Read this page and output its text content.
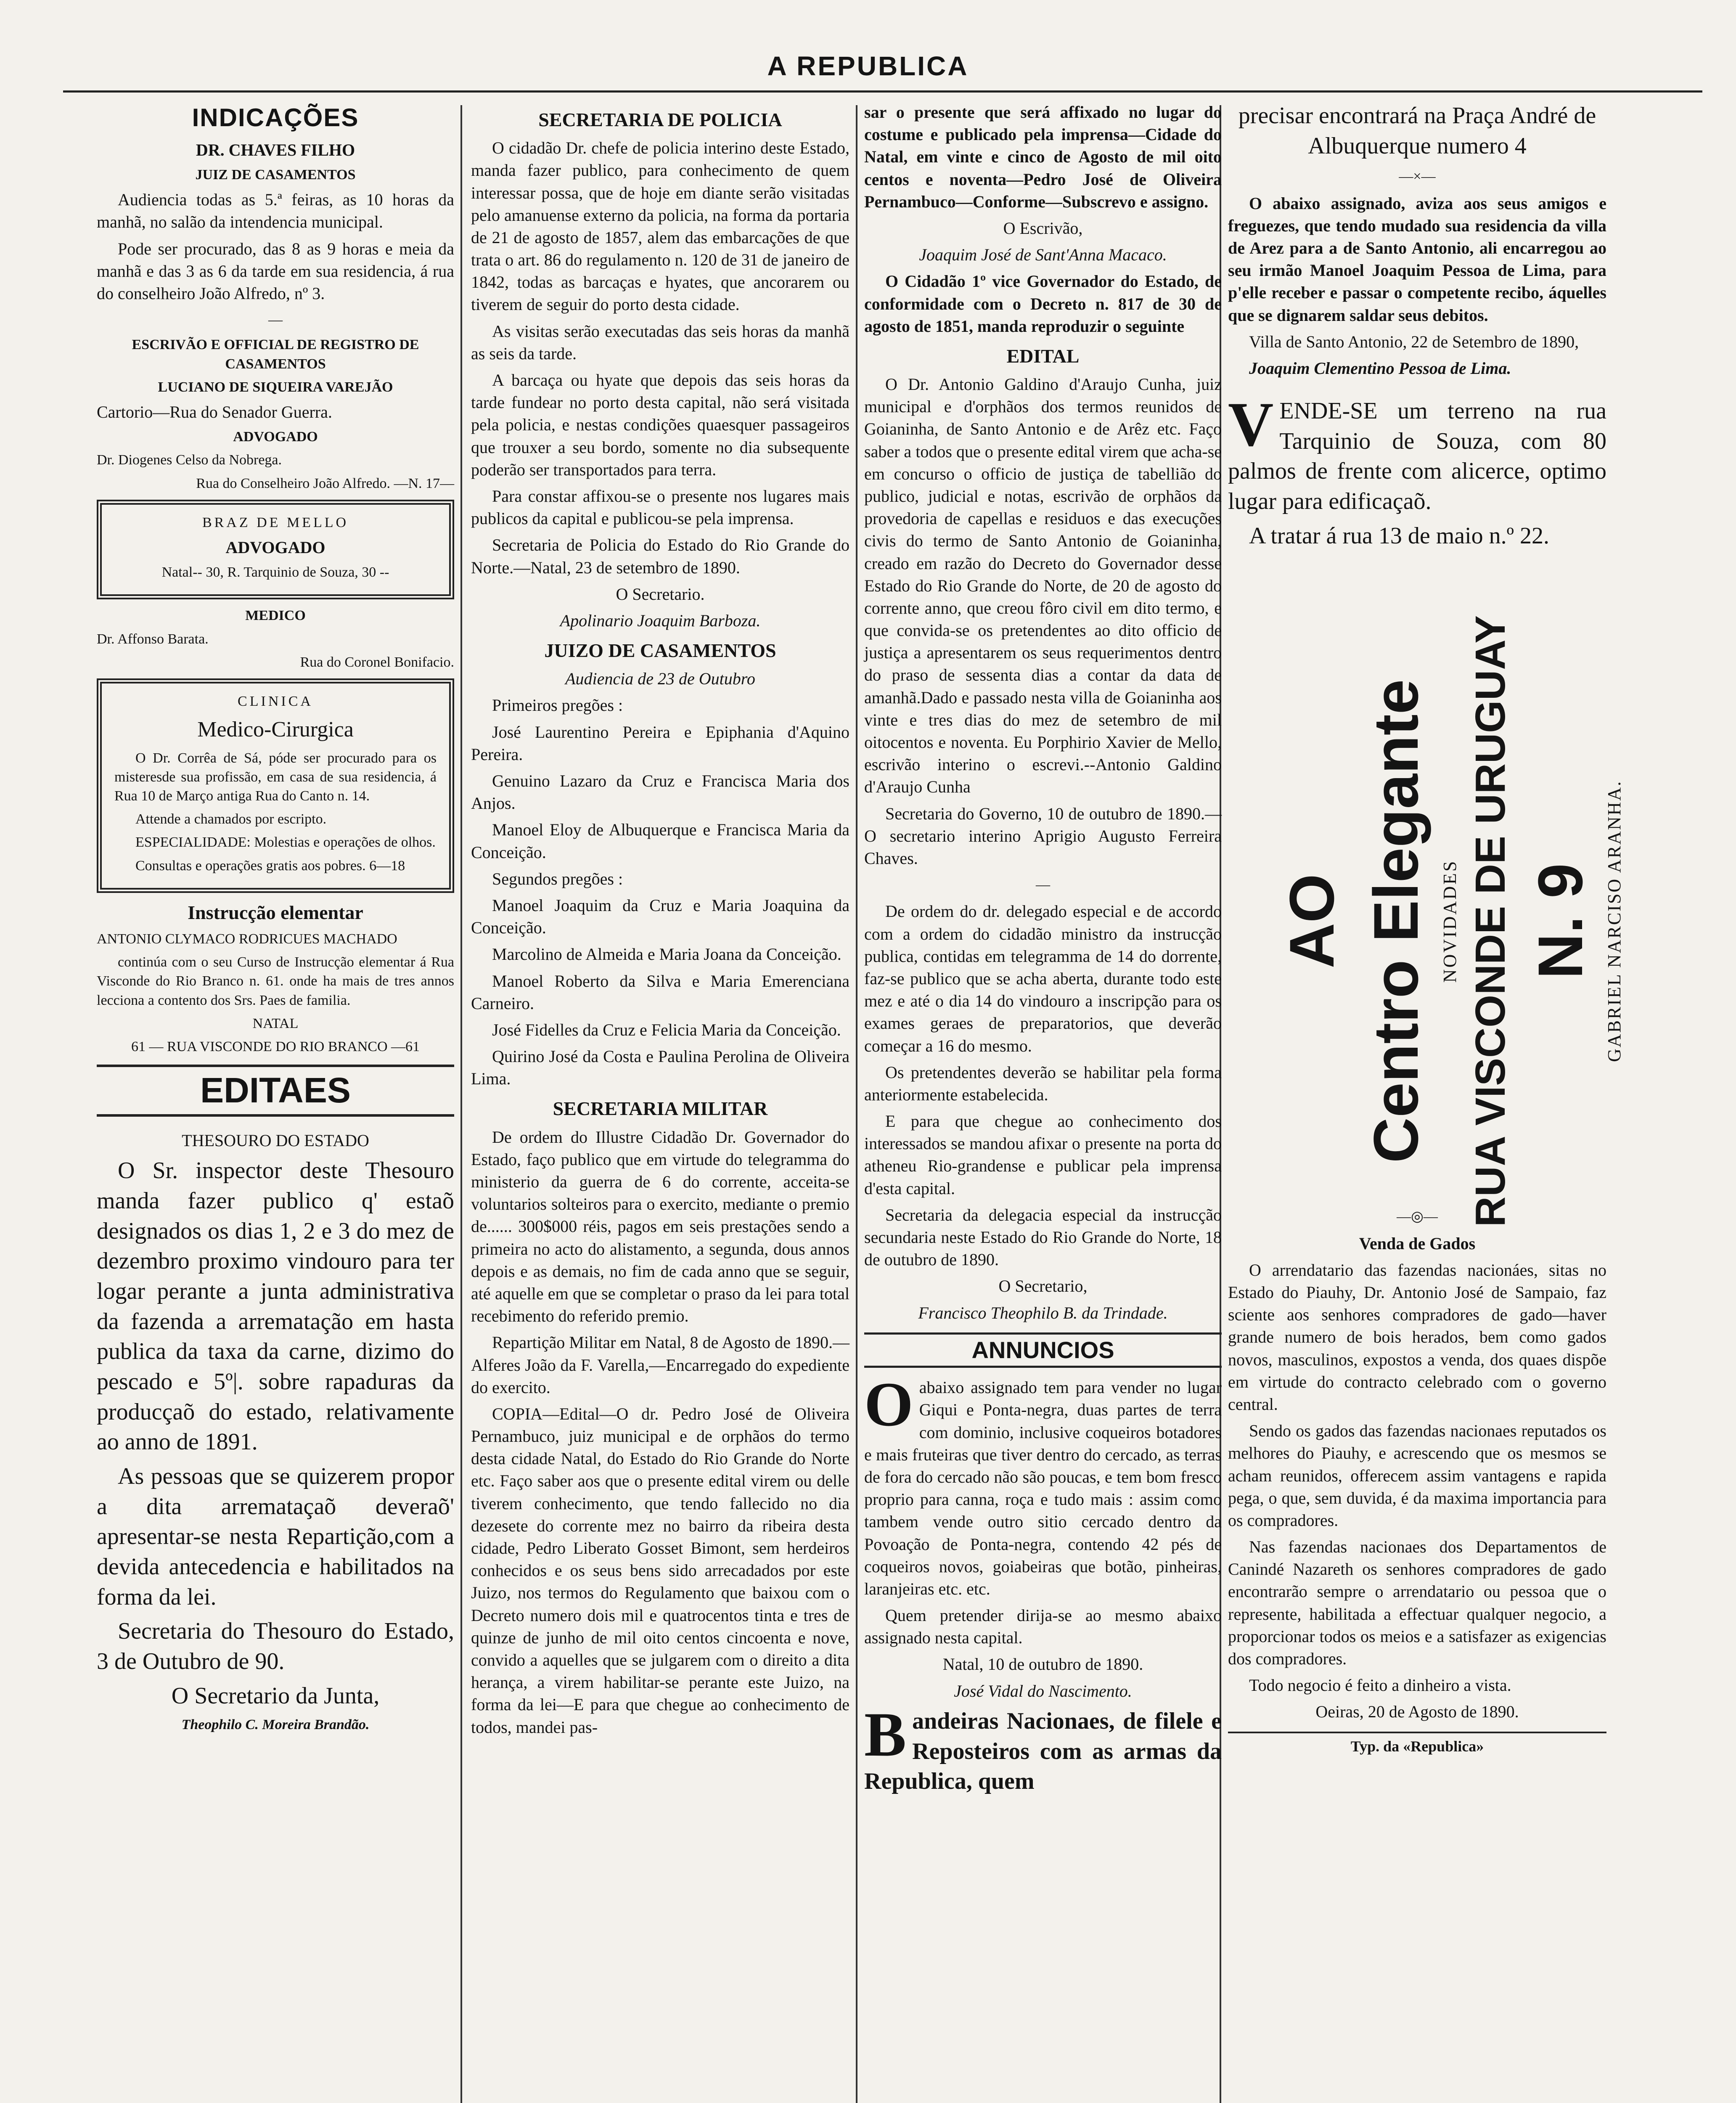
A REPUBLICA
INDICAÇÕES

DR. CHAVES FILHO

JUIZ DE CASAMENTOS

Audiencia todas as 5.ª feiras, as 10 horas da manhã, no salão da intendencia municipal.

Pode ser procurado, das 8 as 9 horas e meia da manhã e das 3 as 6 da tarde em sua residencia, á rua do conselheiro João Alfredo, nº 3.

—

ESCRIVÃO E OFFICIAL DE REGISTRO DE CASAMENTOS

LUCIANO DE SIQUEIRA VAREJÃO

Cartorio—Rua do Senador Guerra.

ADVOGADO

Dr. Diogenes Celso da Nobrega.

Rua do Conselheiro João Alfredo. —N. 17—

BRAZ DE MELLO

ADVOGADO

Natal-- 30, R. Tarquinio de Souza, 30 --

MEDICO

Dr. Affonso Barata.

Rua do Coronel Bonifacio.

CLINICA

Medico-Cirurgica

O Dr. Corrêa de Sá, póde ser procurado para os misteresde sua profissão, em casa de sua residencia, á Rua 10 de Março antiga Rua do Canto n. 14.

Attende a chamados por escripto.

ESPECIALIDADE: Molestias e operações de olhos.

Consultas e operações gratis aos pobres. 6—18

Instrucção elementar

ANTONIO CLYMACO RODRICUES MACHADO

continúa com o seu Curso de Instrucção elementar á Rua Visconde do Rio Branco n. 61. onde ha mais de tres annos lecciona a contento dos Srs. Paes de familia.

NATAL

61 — RUA VISCONDE DO RIO BRANCO —61

EDITAES

THESOURO DO ESTADO

O Sr. inspector deste Thesouro manda fazer publico q' estaõ designados os dias 1, 2 e 3 do mez de dezembro proximo vindouro para ter logar perante a junta administrativa da fazenda a arrematação em hasta publica da taxa da carne, dizimo do pescado e 5º|. sobre rapaduras da producçaõ do estado, relativamente ao anno de 1891.

As pessoas que se quizerem propor a dita arremataçaõ deveraõ' apresentar-se nesta Repartição,com a devida antecedencia e habilitados na forma da lei.

Secretaria do Thesouro do Estado, 3 de Outubro de 90.

O Secretario da Junta,

Theophilo C. Moreira Brandão.

SECRETARIA DE POLICIA

O cidadão Dr. chefe de policia interino deste Estado, manda fazer publico, para conhecimento de quem interessar possa, que de hoje em diante serão visitadas pelo amanuense externo da policia, na forma da portaria de 21 de agosto de 1857, alem das embarcações de que trata o art. 86 do regulamento n. 120 de 31 de janeiro de 1842, todas as barcaças e hyates, que ancorarem ou tiverem de seguir do porto desta cidade.

As visitas serão executadas das seis horas da manhã as seis da tarde.

A barcaça ou hyate que depois das seis horas da tarde fundear no porto desta capital, não será visitada pela policia, e nestas condições quaesquer passageiros que trouxer a seu bordo, somente no dia subsequente poderão ser transportados para terra.

Para constar affixou-se o presente nos lugares mais publicos da capital e publicou-se pela imprensa.

Secretaria de Policia do Estado do Rio Grande do Norte.—Natal, 23 de setembro de 1890.

O Secretario.

Apolinario Joaquim Barboza.

JUIZO DE CASAMENTOS

Audiencia de 23 de Outubro

Primeiros pregões :

José Laurentino Pereira e Epiphania d'Aquino Pereira.

Genuino Lazaro da Cruz e Francisca Maria dos Anjos.

Manoel Eloy de Albuquerque e Francisca Maria da Conceição.

Segundos pregões :

Manoel Joaquim da Cruz e Maria Joaquina da Conceição.

Marcolino de Almeida e Maria Joana da Conceição.

Manoel Roberto da Silva e Maria Emerenciana Carneiro.

José Fidelles da Cruz e Felicia Maria da Conceição.

Quirino José da Costa e Paulina Perolina de Oliveira Lima.

SECRETARIA MILITAR

De ordem do Illustre Cidadão Dr. Governador do Estado, faço publico que em virtude do telegramma do ministerio da guerra de 6 do corrente, acceita-se voluntarios solteiros para o exercito, mediante o premio de...... 300$000 réis, pagos em seis prestações sendo a primeira no acto do alistamento, a segunda, dous annos depois e as demais, no fim de cada anno que se seguir, até aquelle em que se completar o praso da lei para total recebimento do referido premio.

Repartição Militar em Natal, 8 de Agosto de 1890.—Alferes João da F. Varella,—Encarregado do expediente do exercito.

COPIA—Edital—O dr. Pedro José de Oliveira Pernambuco, juiz municipal e de orphãos do termo desta cidade Natal, do Estado do Rio Grande do Norte etc. Faço saber aos que o presente edital virem ou delle tiverem conhecimento, que tendo fallecido no dia dezesete do corrente mez no bairro da ribeira desta cidade, Pedro Liberato Gosset Bimont, sem herdeiros conhecidos e os seus bens sido arrecadados por este Juizo, nos termos do Regulamento que baixou com o Decreto numero dois mil e quatrocentos tinta e tres de quinze de junho de mil oito centos cincoenta e nove, convido a aquelles que se julgarem com o direito a dita herança, a virem habilitar-se perante este Juizo, na forma da lei—E para que chegue ao conhecimento de todos, mandei pas-

sar o presente que será affixado no lugar do costume e publicado pela imprensa—Cidade do Natal, em vinte e cinco de Agosto de mil oito centos e noventa—Pedro José de Oliveira Pernambuco—Conforme—Subscrevo e assigno.

O Escrivão,

Joaquim José de Sant'Anna Macaco.

O Cidadão 1º vice Governador do Estado, de conformidade com o Decreto n. 817 de 30 de agosto de 1851, manda reproduzir o seguinte

EDITAL

O Dr. Antonio Galdino d'Araujo Cunha, juiz municipal e d'orphãos dos termos reunidos de Goianinha, de Santo Antonio e de Arêz etc. Faço saber a todos que o presente edital virem que acha-se em concurso o officio de justiça de tabellião do publico, judicial e notas, escrivão de orphãos da provedoria de capellas e residuos e das execuções civis do termo de Santo Antonio de Goianinha, creado em razão do Decreto do Governador desse Estado do Rio Grande do Norte, de 20 de agosto do corrente anno, que creou fôro civil em dito termo, e que convida-se os pretendentes ao dito officio de justiça a apresentarem os seus requerimentos dentro do praso de sessenta dias a contar da data de amanhã.Dado e passado nesta villa de Goianinha aos vinte e tres dias do mez de setembro de mil oitocentos e noventa. Eu Porphirio Xavier de Mello, escrivão interino o escrevi.--Antonio Galdino d'Araujo Cunha

Secretaria do Governo, 10 de outubro de 1890.—O secretario interino Aprigio Augusto Ferreira Chaves.

—

De ordem do dr. delegado especial e de accordo com a ordem do cidadão ministro da instrucção publica, contidas em telegramma de 14 do dorrente, faz-se publico que se acha aberta, durante todo este mez e até o dia 14 do vindouro a inscripção para os exames geraes de preparatorios, que deverão começar a 16 do mesmo.

Os pretendentes deverão se habilitar pela forma anteriormente estabelecida.

E para que chegue ao conhecimento dos interessados se mandou afixar o presente na porta do atheneu Rio-grandense e publicar pela imprensa d'esta capital.

Secretaria da delegacia especial da instrucção secundaria neste Estado do Rio Grande do Norte, 18 de outubro de 1890.

O Secretario,

Francisco Theophilo B. da Trindade.

ANNUNCIOS

Oabaixo assignado tem para vender no lugar Giqui e Ponta-negra, duas partes de terra com dominio, inclusive coqueiros botadores e mais fruteiras que tiver dentro do cercado, as terras de fora do cercado não são poucas, e tem bom fresco proprio para canna, roça e tudo mais : assim como tambem vende outro sitio cercado dentro da Povoação de Ponta-negra, contendo 42 pés de coqueiros novos, goiabeiras que botão, pinheiras, laranjeiras etc. etc.

Quem pretender dirija-se ao mesmo abaixo assignado nesta capital.

Natal, 10 de outubro de 1890.

José Vidal do Nascimento.

Bandeiras Nacionaes, de filele e Reposteiros com as armas da Republica, quem

precisar encontrará na Praça André de Albuquerque numero 4

—×—

O abaixo assignado, aviza aos seus amigos e freguezes, que tendo mudado sua residencia da villa de Arez para a de Santo Antonio, ali encarregou ao seu irmão Manoel Joaquim Pessoa de Lima, para p'elle receber e passar o competente recibo, áquelles que se dignarem saldar seus debitos.

Villa de Santo Antonio, 22 de Setembro de 1890,

Joaquim Clementino Pessoa de Lima.

VENDE-SE um terreno na rua Tarquinio de Souza, com 80 palmos de frente com alicerce, optimo lugar para edificaçaõ.

A tratar á rua 13 de maio n.º 22.

AO Centro Elegante NOVIDADES RUA VISCONDE DE URUGUAY N. 9 GABRIEL NARCISO ARANHA.

—◎—

Venda de Gados

O arrendatario das fazendas nacionáes, sitas no Estado do Piauhy, Dr. Antonio José de Sampaio, faz sciente aos senhores compradores de gado—haver grande numero de bois herados, bem como gados novos, masculinos, expostos a venda, dos quaes dispõe em virtude do contracto celebrado com o governo central.

Sendo os gados das fazendas nacionaes reputados os melhores do Piauhy, e acrescendo que os mesmos se acham reunidos, offerecem assim vantagens e rapida pega, o que, sem duvida, é da maxima importancia para os compradores.

Nas fazendas nacionaes dos Departamentos de Canindé Nazareth os senhores compradores de gado encontrarão sempre o arrendatario ou pessoa que o represente, habilitada a effectuar qualquer negocio, a proporcionar todos os meios e a satisfazer as exigencias dos compradores.

Todo negocio é feito a dinheiro a vista.

Oeiras, 20 de Agosto de 1890.

Typ. da «Republica»
